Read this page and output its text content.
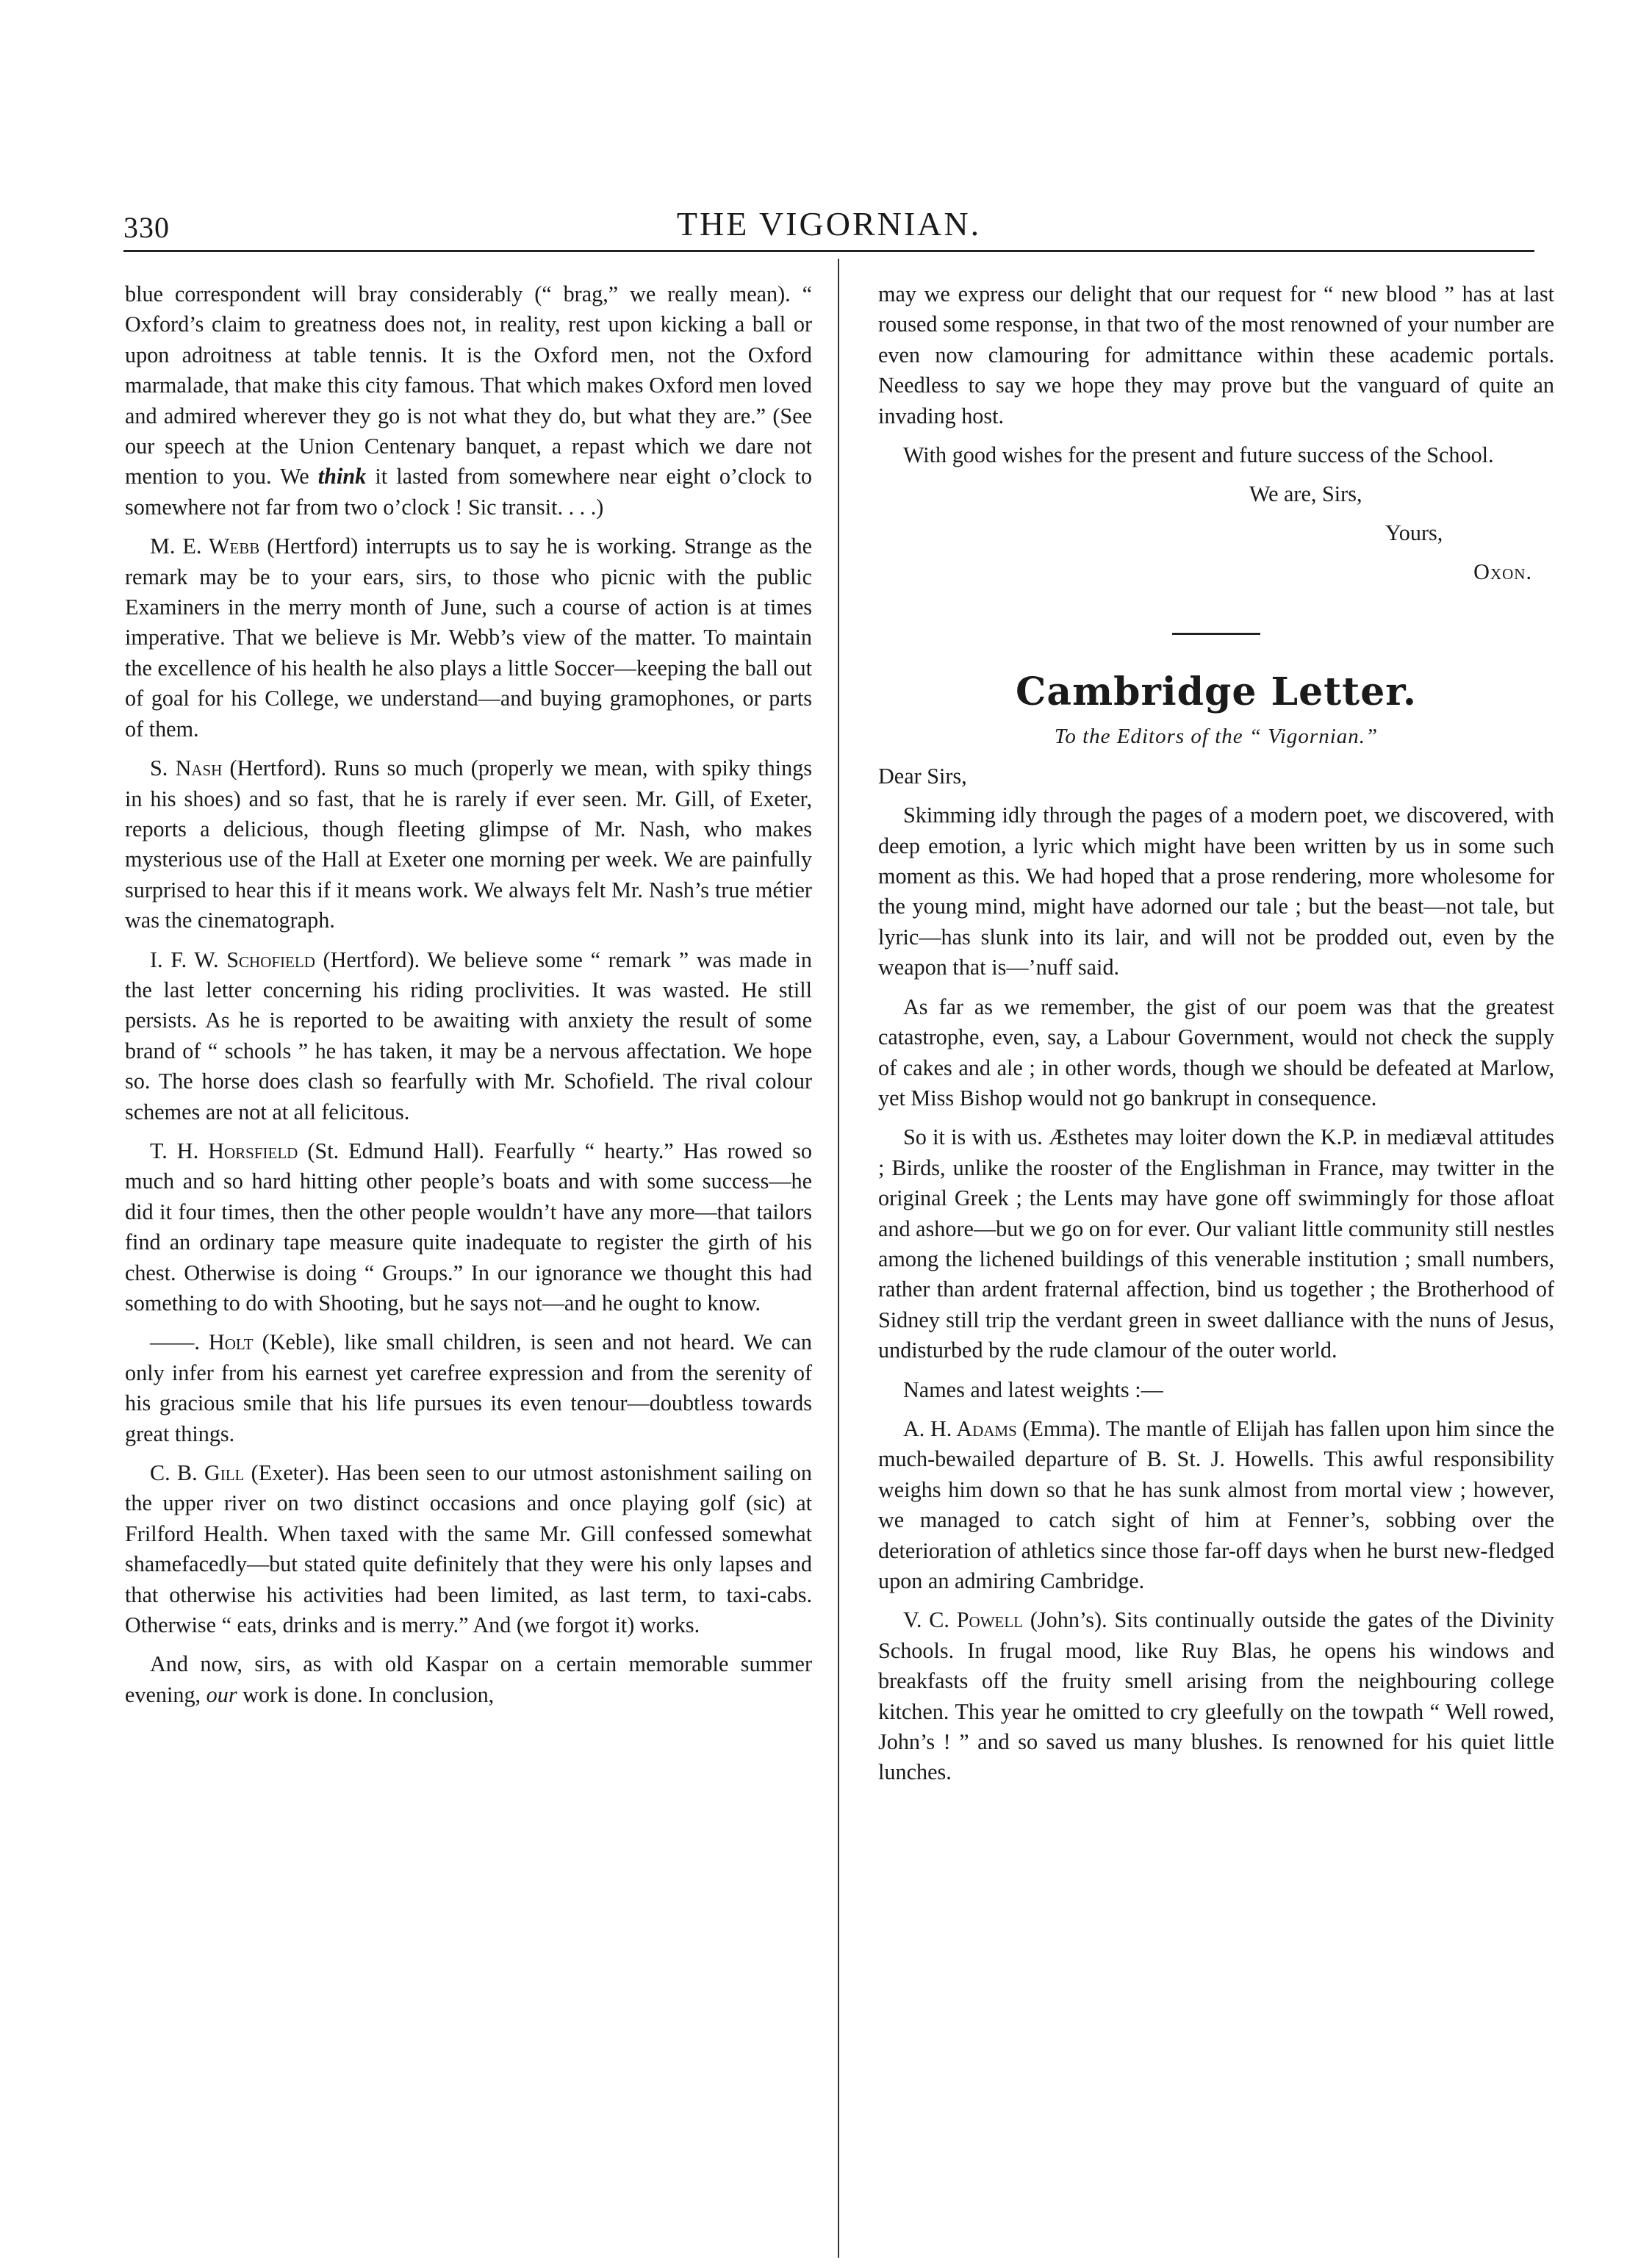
330	THE VIGORNIAN.

blue correspondent will bray considerably (“ brag,” we really mean). “ Oxford’s claim to greatness does not, in reality, rest upon kicking a ball or upon adroitness at table tennis. It is the Oxford men, not the Oxford marmalade, that make this city famous. That which makes Oxford men loved and admired wherever they go is not what they do, but what they are.” (See our speech at the Union Centenary banquet, a repast which we dare not mention to you. We think it lasted from somewhere near eight o’clock to somewhere not far from two o’clock ! Sic transit. . . .)

M. E. Webb (Hertford) interrupts us to say he is working. Strange as the remark may be to your ears, sirs, to those who picnic with the public Examiners in the merry month of June, such a course of action is at times imperative. That we believe is Mr. Webb’s view of the matter. To maintain the excellence of his health he also plays a little Soccer—keeping the ball out of goal for his College, we understand—and buying gramophones, or parts of them.

S. Nash (Hertford). Runs so much (properly we mean, with spiky things in his shoes) and so fast, that he is rarely if ever seen. Mr. Gill, of Exeter, reports a delicious, though fleeting glimpse of Mr. Nash, who makes mysterious use of the Hall at Exeter one morning per week. We are painfully surprised to hear this if it means work. We always felt Mr. Nash’s true métier was the cinematograph.

I. F. W. Schofield (Hertford). We believe some “ remark ” was made in the last letter concerning his riding proclivities. It was wasted. He still persists. As he is reported to be awaiting with anxiety the result of some brand of “ schools ” he has taken, it may be a nervous affectation. We hope so. The horse does clash so fearfully with Mr. Schofield. The rival colour schemes are not at all felicitous.

T. H. Horsfield (St. Edmund Hall). Fearfully “ hearty.” Has rowed so much and so hard hitting other people’s boats and with some success—he did it four times, then the other people wouldn’t have any more—that tailors find an ordinary tape measure quite inadequate to register the girth of his chest. Otherwise is doing “ Groups.” In our ignorance we thought this had something to do with Shooting, but he says not—and he ought to know.

——. Holt (Keble), like small children, is seen and not heard. We can only infer from his earnest yet carefree expression and from the serenity of his gracious smile that his life pursues its even tenour—doubtless towards great things.

C. B. Gill (Exeter). Has been seen to our utmost astonishment sailing on the upper river on two distinct occasions and once playing golf (sic) at Frilford Health. When taxed with the same Mr. Gill confessed somewhat shamefacedly—but stated quite definitely that they were his only lapses and that otherwise his activities had been limited, as last term, to taxi-cabs. Otherwise “ eats, drinks and is merry.” And (we forgot it) works.

And now, sirs, as with old Kaspar on a certain memorable summer evening, our work is done. In conclusion,

may we express our delight that our request for “ new blood ” has at last roused some response, in that two of the most renowned of your number are even now clamouring for admittance within these academic portals. Needless to say we hope they may prove but the vanguard of quite an invading host.

With good wishes for the present and future success of the School.

We are, Sirs,

Yours,

Oxon.

Cambridge Letter.

To the Editors of the “ Vigornian.”

Dear Sirs,

Skimming idly through the pages of a modern poet, we discovered, with deep emotion, a lyric which might have been written by us in some such moment as this. We had hoped that a prose rendering, more wholesome for the young mind, might have adorned our tale ; but the beast—not tale, but lyric—has slunk into its lair, and will not be prodded out, even by the weapon that is—’nuff said.

As far as we remember, the gist of our poem was that the greatest catastrophe, even, say, a Labour Government, would not check the supply of cakes and ale ; in other words, though we should be defeated at Marlow, yet Miss Bishop would not go bankrupt in consequence.

So it is with us. Æsthetes may loiter down the K.P. in mediæval attitudes ; Birds, unlike the rooster of the Englishman in France, may twitter in the original Greek ; the Lents may have gone off swimmingly for those afloat and ashore—but we go on for ever. Our valiant little community still nestles among the lichened buildings of this venerable institution ; small numbers, rather than ardent fraternal affection, bind us together ; the Brotherhood of Sidney still trip the verdant green in sweet dalliance with the nuns of Jesus, undisturbed by the rude clamour of the outer world.

Names and latest weights :—

A. H. Adams (Emma). The mantle of Elijah has fallen upon him since the much-bewailed departure of B. St. J. Howells. This awful responsibility weighs him down so that he has sunk almost from mortal view ; however, we managed to catch sight of him at Fenner’s, sobbing over the deterioration of athletics since those far-off days when he burst new-fledged upon an admiring Cambridge.

V. C. Powell (John’s). Sits continually outside the gates of the Divinity Schools. In frugal mood, like Ruy Blas, he opens his windows and breakfasts off the fruity smell arising from the neighbouring college kitchen. This year he omitted to cry gleefully on the towpath “ Well rowed, John’s ! ” and so saved us many blushes. Is renowned for his quiet little lunches.
